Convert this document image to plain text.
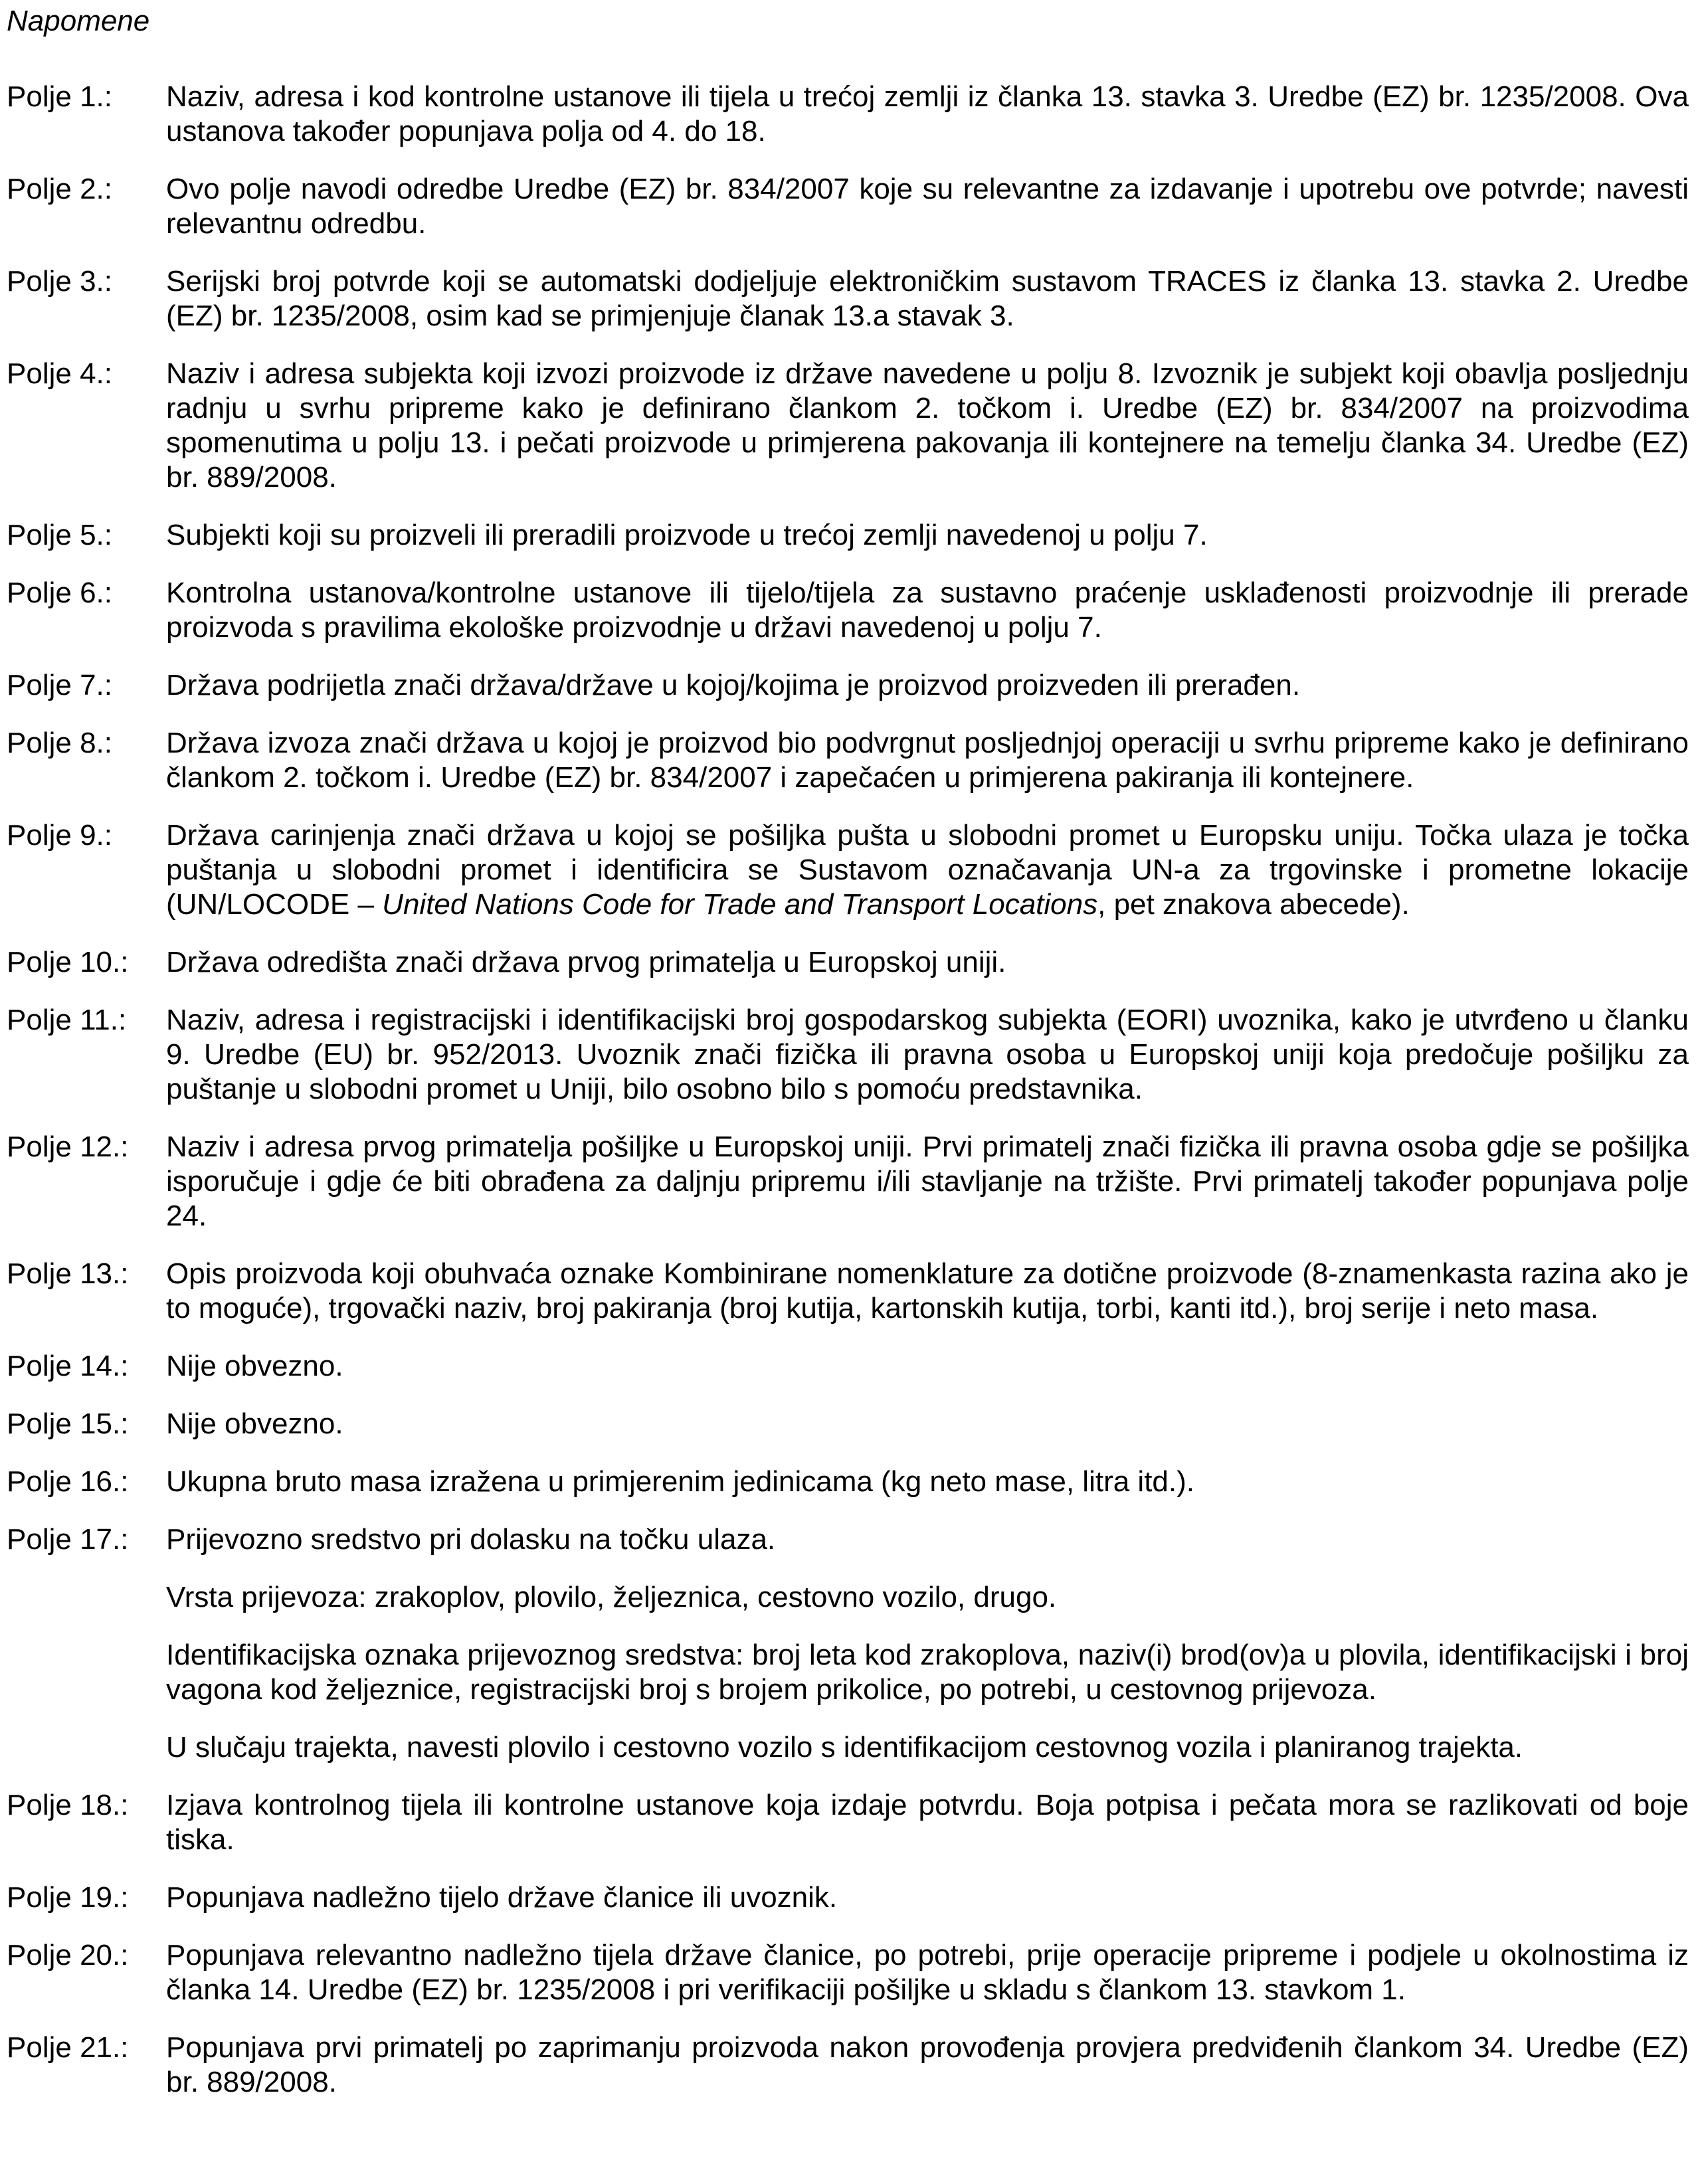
Napomene
Polje 1.:	Naziv, adresa i kod kontrolne ustanove ili tijela u trećoj zemlji iz članka 13. stavka 3. Uredbe (EZ) br. 1235/2008. Ova ustanova također popunjava polja od 4. do 18.

Polje 2.:	Ovo polje navodi odredbe Uredbe (EZ) br. 834/2007 koje su relevantne za izdavanje i upotrebu ove potvrde; navesti relevantnu odredbu.

Polje 3.:	Serijski broj potvrde koji se automatski dodjeljuje elektroničkim sustavom TRACES iz članka 13. stavka 2. Uredbe (EZ) br. 1235/2008, osim kad se primjenjuje članak 13.a stavak 3.

Polje 4.:	Naziv i adresa subjekta koji izvozi proizvode iz države navedene u polju 8. Izvoznik je subjekt koji obavlja posljednju radnju u svrhu pripreme kako je definirano člankom 2. točkom i. Uredbe (EZ) br. 834/2007 na proizvodima spomenutima u polju 13. i pečati proizvode u primjerena pakovanja ili kontejnere na temelju članka 34. Uredbe (EZ) br. 889/2008.

Polje 5.:	Subjekti koji su proizveli ili preradili proizvode u trećoj zemlji navedenoj u polju 7.

Polje 6.:	Kontrolna ustanova/kontrolne ustanove ili tijelo/tijela za sustavno praćenje usklađenosti proizvodnje ili prerade proizvoda s pravilima ekološke proizvodnje u državi navedenoj u polju 7.

Polje 7.:	Država podrijetla znači država/države u kojoj/kojima je proizvod proizveden ili prerađen.

Polje 8.:	Država izvoza znači država u kojoj je proizvod bio podvrgnut posljednjoj operaciji u svrhu pripreme kako je definirano člankom 2. točkom i. Uredbe (EZ) br. 834/2007 i zapečaćen u primjerena pakiranja ili kontejnere.

Polje 9.:	Država carinjenja znači država u kojoj se pošiljka pušta u slobodni promet u Europsku uniju. Točka ulaza je točka puštanja u slobodni promet i identificira se Sustavom označavanja UN-a za trgovinske i prometne lokacije (UN/LOCODE – United Nations Code for Trade and Transport Locations, pet znakova abecede).

Polje 10.:	Država odredišta znači država prvog primatelja u Europskoj uniji.

Polje 11.:	Naziv, adresa i registracijski i identifikacijski broj gospodarskog subjekta (EORI) uvoznika, kako je utvrđeno u članku 9. Uredbe (EU) br. 952/2013. Uvoznik znači fizička ili pravna osoba u Europskoj uniji koja predočuje pošiljku za puštanje u slobodni promet u Uniji, bilo osobno bilo s pomoću predstavnika.

Polje 12.:	Naziv i adresa prvog primatelja pošiljke u Europskoj uniji. Prvi primatelj znači fizička ili pravna osoba gdje se pošiljka isporučuje i gdje će biti obrađena za daljnju pripremu i/ili stavljanje na tržište. Prvi primatelj također popunjava polje 24.

Polje 13.:	Opis proizvoda koji obuhvaća oznake Kombinirane nomenklature za dotične proizvode (8-znamenkasta razina ako je to moguće), trgovački naziv, broj pakiranja (broj kutija, kartonskih kutija, torbi, kanti itd.), broj serije i neto masa.

Polje 14.:	Nije obvezno.

Polje 15.:	Nije obvezno.

Polje 16.:	Ukupna bruto masa izražena u primjerenim jedinicama (kg neto mase, litra itd.).

Polje 17.:	Prijevozno sredstvo pri dolasku na točku ulaza.

Vrsta prijevoza: zrakoplov, plovilo, željeznica, cestovno vozilo, drugo.

Identifikacijska oznaka prijevoznog sredstva: broj leta kod zrakoplova, naziv(i) brod(ov)a u plovila, identifikacijski i broj vagona kod željeznice, registracijski broj s brojem prikolice, po potrebi, u cestovnog prijevoza.

U slučaju trajekta, navesti plovilo i cestovno vozilo s identifikacijom cestovnog vozila i planiranog trajekta.

Polje 18.:	Izjava kontrolnog tijela ili kontrolne ustanove koja izdaje potvrdu. Boja potpisa i pečata mora se razlikovati od boje tiska.

Polje 19.:	Popunjava nadležno tijelo države članice ili uvoznik.

Polje 20.:	Popunjava relevantno nadležno tijela države članice, po potrebi, prije operacije pripreme i podjele u okolnostima iz članka 14. Uredbe (EZ) br. 1235/2008 i pri verifikaciji pošiljke u skladu s člankom 13. stavkom 1.

Polje 21.:	Popunjava prvi primatelj po zaprimanju proizvoda nakon provođenja provjera predviđenih člankom 34. Uredbe (EZ) br. 889/2008.
